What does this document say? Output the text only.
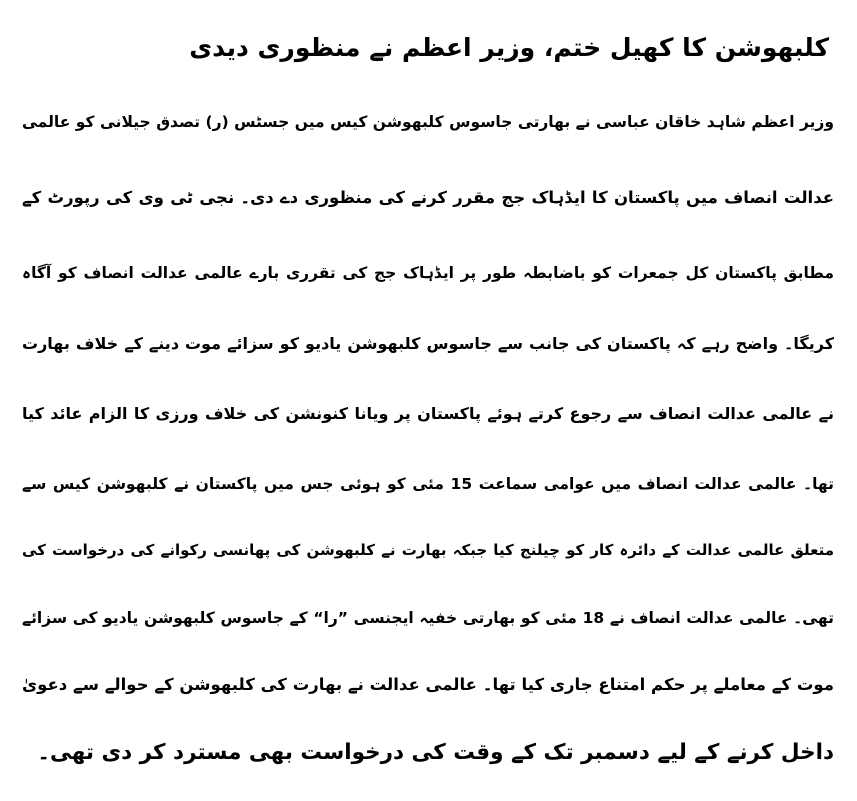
کلبھوشن کا کھیل ختم، وزیر اعظم نے منظوری دیدی
وزیر اعظم شاہد خاقان عباسی نے بھارتی جاسوس کلبھوشن کیس میں جسٹس (ر) تصدق جیلانی کو عالمی
عدالت انصاف میں پاکستان کا ایڈہاک جج مقرر کرنے کی منظوری دے دی۔ نجی ٹی وی کی رپورٹ کے
مطابق پاکستان کل جمعرات کو باضابطہ طور پر ایڈہاک جج کی تقرری بارے عالمی عدالت انصاف کو آگاہ
کریگا۔ واضح رہے کہ پاکستان کی جانب سے جاسوس کلبھوشن یادیو کو سزائے موت دینے کے خلاف بھارت
نے عالمی عدالت انصاف سے رجوع کرتے ہوئے پاکستان پر ویانا کنونشن کی خلاف ورزی کا الزام عائد کیا
تھا۔ عالمی عدالت انصاف میں عوامی سماعت 15 مئی کو ہوئی جس میں پاکستان نے کلبھوشن کیس سے
متعلق عالمی عدالت کے دائرہ کار کو چیلنج کیا جبکہ بھارت نے کلبھوشن کی پھانسی رکوانے کی درخواست کی
تھی۔ عالمی عدالت انصاف نے 18 مئی کو بھارتی خفیہ ایجنسی ”را“ کے جاسوس کلبھوشن یادیو کی سزائے
موت کے معاملے پر حکم امتناع جاری کیا تھا۔ عالمی عدالت نے بھارت کی کلبھوشن کے حوالے سے دعویٰ
داخل کرنے کے لیے دسمبر تک کے وقت کی درخواست بھی مسترد کر دی تھی۔
